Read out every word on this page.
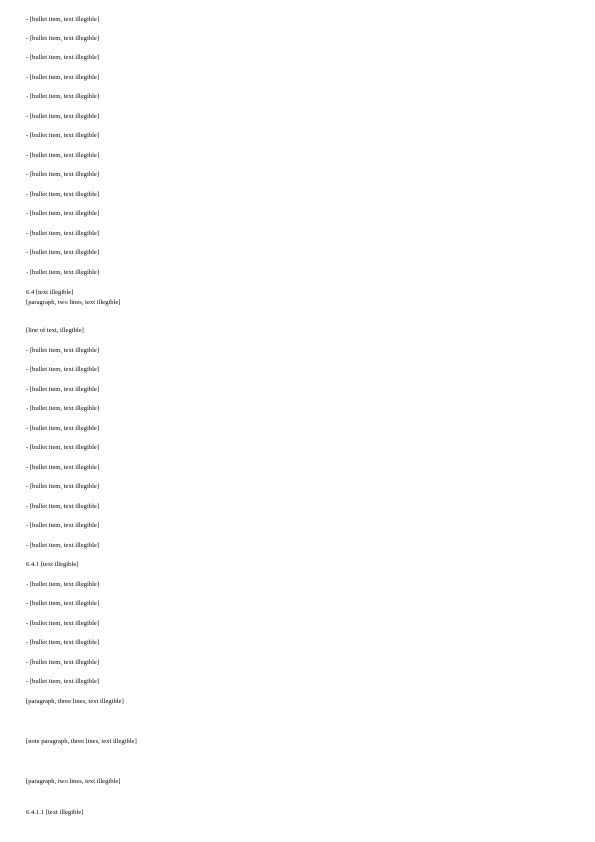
- [bullet item, text illegible]

- [bullet item, text illegible]

- [bullet item, text illegible]

- [bullet item, text illegible]

- [bullet item, text illegible]

- [bullet item, text illegible]

- [bullet item, text illegible]

- [bullet item, text illegible]

- [bullet item, text illegible]

- [bullet item, text illegible]

- [bullet item, text illegible]

- [bullet item, text illegible]

- [bullet item, text illegible]

- [bullet item, text illegible]

6.4 [text illegible]

[paragraph, two lines, text illegible]

[line of text, illegible]

- [bullet item, text illegible]

- [bullet item, text illegible]

- [bullet item, text illegible]

- [bullet item, text illegible]

- [bullet item, text illegible]

- [bullet item, text illegible]

- [bullet item, text illegible]

- [bullet item, text illegible]

- [bullet item, text illegible]

- [bullet item, text illegible]

- [bullet item, text illegible]

6.4.1 [text illegible]

- [bullet item, text illegible]

- [bullet item, text illegible]

- [bullet item, text illegible]

- [bullet item, text illegible]

- [bullet item, text illegible]

- [bullet item, text illegible]

[paragraph, three lines, text illegible]

[note paragraph, three lines, text illegible]

[paragraph, two lines, text illegible]

6.4.1.1 [text illegible]
